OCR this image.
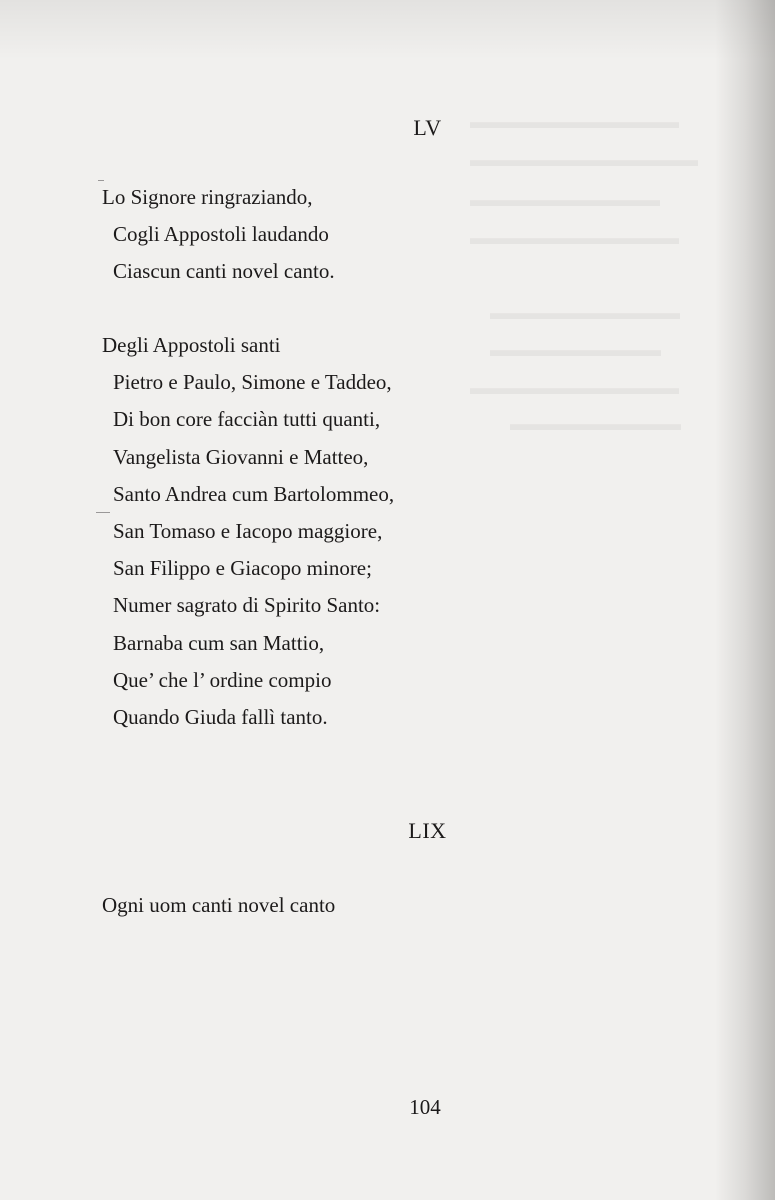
▬▬▬▬▬▬▬▬▬▬▬
▬▬▬▬▬▬▬▬▬▬▬▬
▬▬▬▬▬▬▬▬▬▬
▬▬▬▬▬▬▬▬▬▬▬
▬▬▬▬▬▬▬▬▬▬
▬▬▬▬▬▬▬▬▬
▬▬▬▬▬▬▬▬▬▬▬
▬▬▬▬▬▬▬▬▬
LV
Lo Signore ringraziando,
Cogli Appostoli laudando
Ciascun canti novel canto.
Degli Appostoli santi
Pietro e Paulo, Simone e Taddeo,
Di bon core facciàn tutti quanti,
Vangelista Giovanni e Matteo,
Santo Andrea cum Bartolommeo,
San Tomaso e Iacopo maggiore,
San Filippo e Giacopo minore;
Numer sagrato di Spirito Santo:
Barnaba cum san Mattio,
Que’ che l’ ordine compio
Quando Giuda fallì tanto.
LIX
Ogni uom canti novel canto
104
